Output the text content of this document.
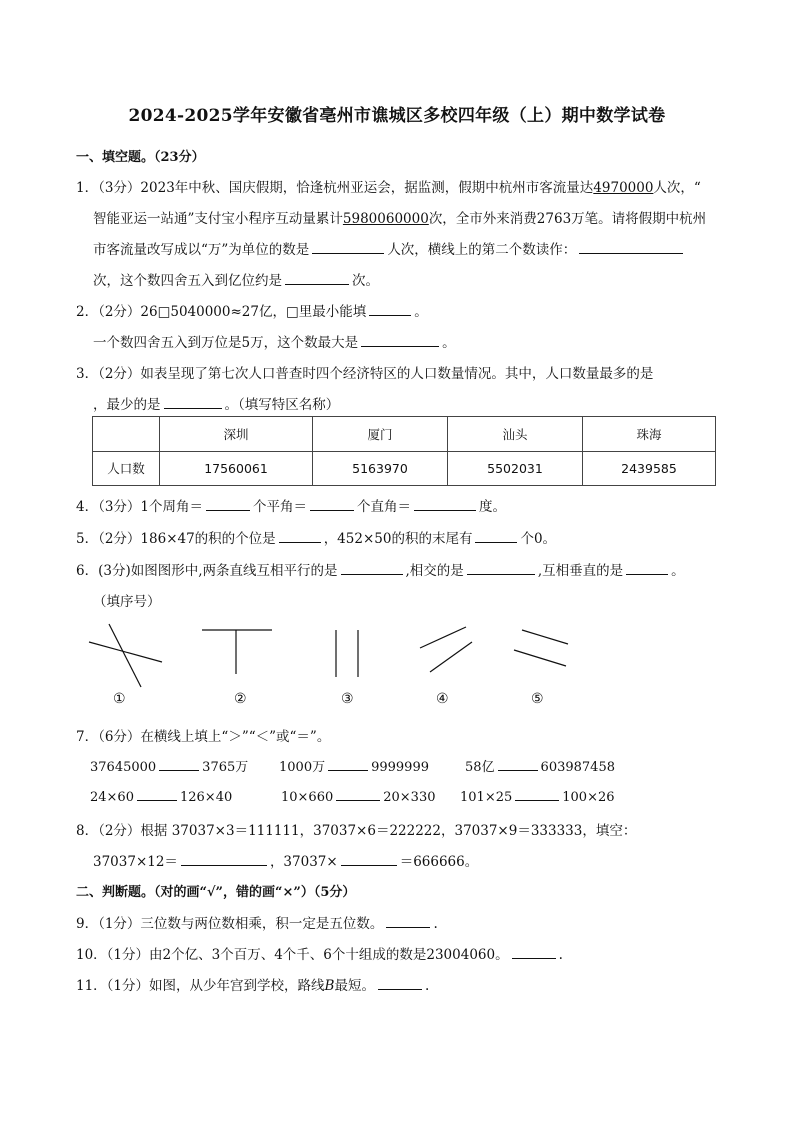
2024-2025学年安徽省亳州市谯城区多校四年级（上）期中数学试卷
一、填空题。（23分）
1．（3分）2023年中秋、国庆假期，恰逢杭州亚运会，据监测，假期中杭州市客流量达4970000人次，“
智能亚运一站通”支付宝小程序互动量累计5980060000次，全市外来消费2763万笔。请将假期中杭州
市客流量改写成以“万”为单位的数是	人次，横线上的第二个数读作：
次，这个数四舍五入到亿位约是	次。
2．（2分）26□5040000≈27亿，□里最小能填	。
一个数四舍五入到万位是5万，这个数最大是	。
3．（2分）如表呈现了第七次人口普查时四个经济特区的人口数量情况。其中，人口数量最多的是
，最少的是	。（填写特区名称）
	深圳	厦门	汕头	珠海
人口数	17560061	5163970	5502031	2439585
4．（3分）1个周角＝	个平角＝	个直角＝	度。
5．（2分）186×47的积的个位是	，452×50的积的末尾有	个0。
6．(3分)如图图形中,两条直线互相平行的是	,相交的是	,互相垂直的是	。
（填序号）
①	②	③	④	⑤
7．（6分）在横线上填上“＞”“＜”或“＝”。
37645000	3765万 1000万	9999999	58亿	603987458
24×60	126×40	10×660	20×330 101×25	100×26
8．（2分）根据 37037×3＝111111，37037×6＝222222，37037×9＝333333，填空：
37037×12＝	，37037×	＝666666。
二、判断题。（对的画“√”，错的画“×”）（5分）
9．（1分）三位数与两位数相乘，积一定是五位数。	.
10．（1分）由2个亿、3个百万、4个千、6个十组成的数是23004060。	.
11．（1分）如图，从少年宫到学校，路线B最短。	.
